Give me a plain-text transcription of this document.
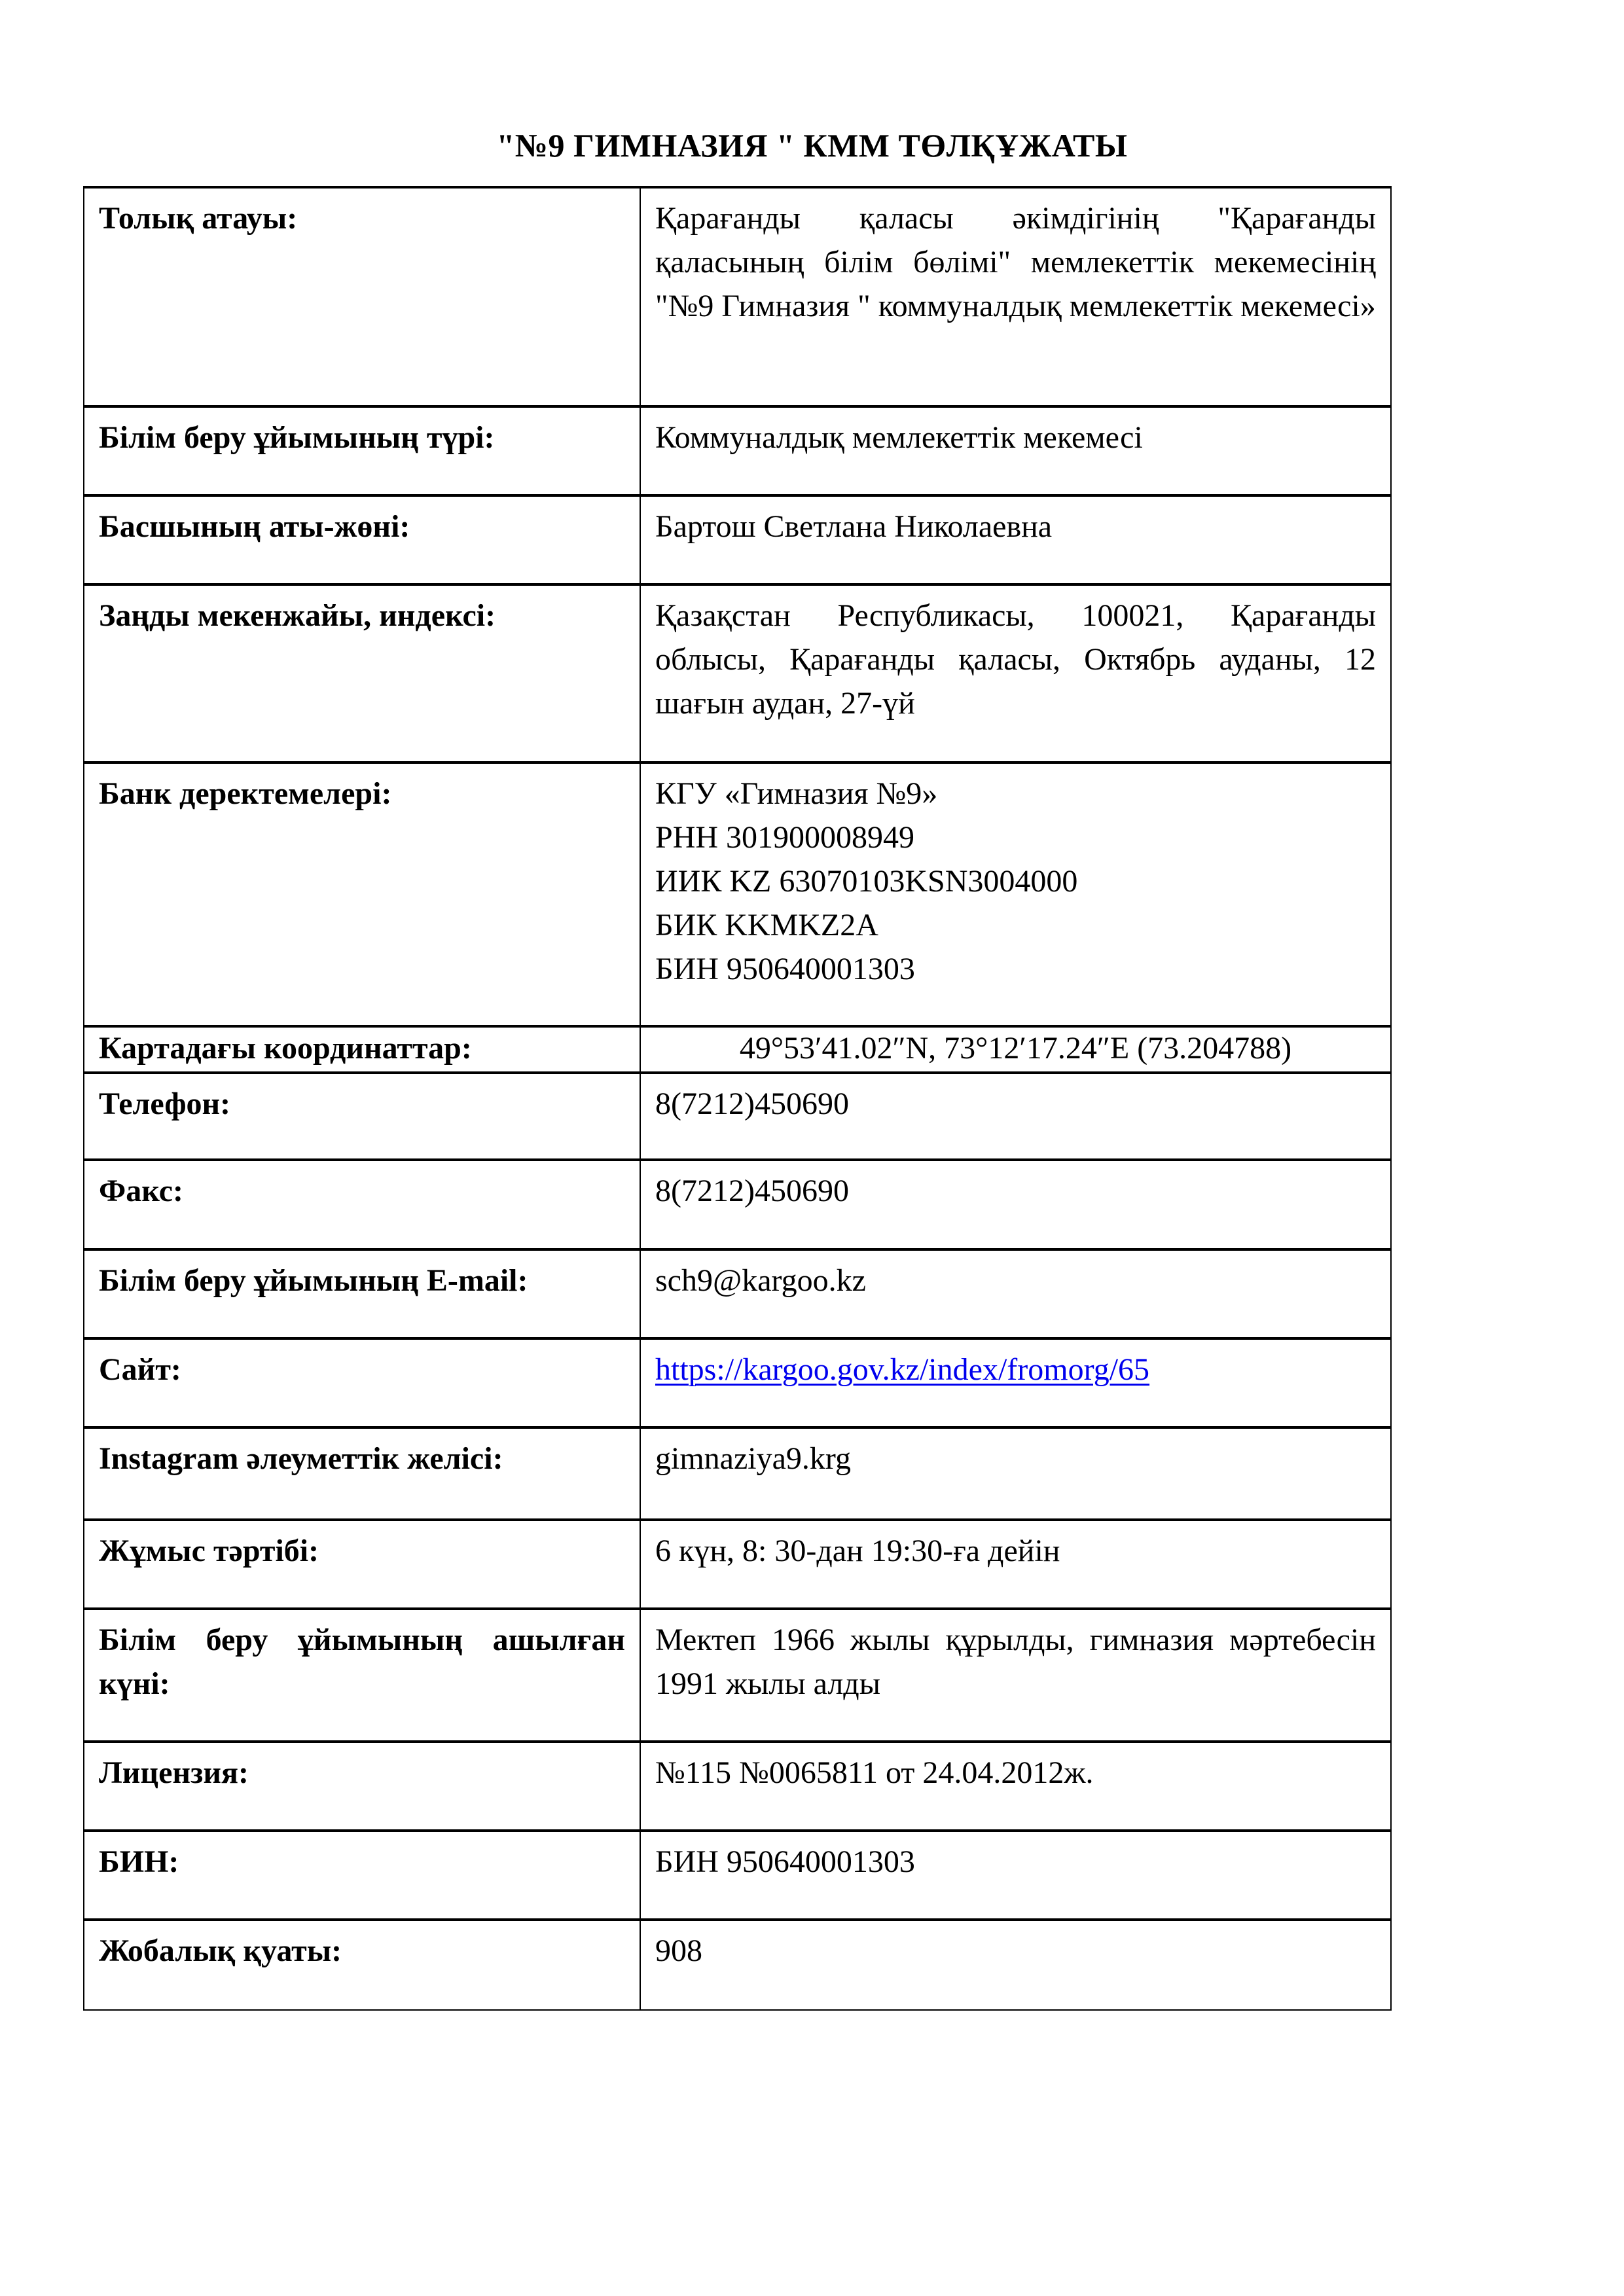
"№9 ГИМНАЗИЯ " КММ ТӨЛҚҰЖАТЫ
Толық атауы:	Қарағанды қаласы әкімдігінің "Қарағанды қаласының білім бөлімі" мемлекеттік мекемесінің "№9 Гимназия " коммуналдық мемлекеттік мекемесі»
Білім беру ұйымының түрі:	Коммуналдық мемлекеттік мекемесі
Басшының аты-жөні:	Бартош Светлана Николаевна
Заңды мекенжайы, индексі:	Қазақстан Республикасы, 100021, Қарағанды облысы, Қарағанды қаласы, Октябрь ауданы, 12 шағын аудан, 27-үй
Банк деректемелері:	КГУ «Гимназия №9»
РНН 301900008949
ИИК KZ 63070103KSN3004000
БИК KKMKZ2A
БИН 950640001303

Картадағы координаттар:	49°53′41.02″N, 73°12′17.24″E (73.204788)
Телефон:	8(7212)450690
Факс:	8(7212)450690
Білім беру ұйымының E-mail:	sch9@kargoo.kz
Сайт:	https://kargoo.gov.kz/index/fromorg/65
Instagram әлеуметтік желісі:	gimnaziya9.krg
Жұмыс тәртібі:	6 күн, 8: 30-дан 19:30-ға дейін
Білім беру ұйымының ашылған күні:	Мектеп 1966 жылы құрылды, гимназия мәртебесін 1991 жылы алды
Лицензия:	№115 №0065811 от 24.04.2012ж.
БИН:	БИН 950640001303
Жобалық қуаты:	908
